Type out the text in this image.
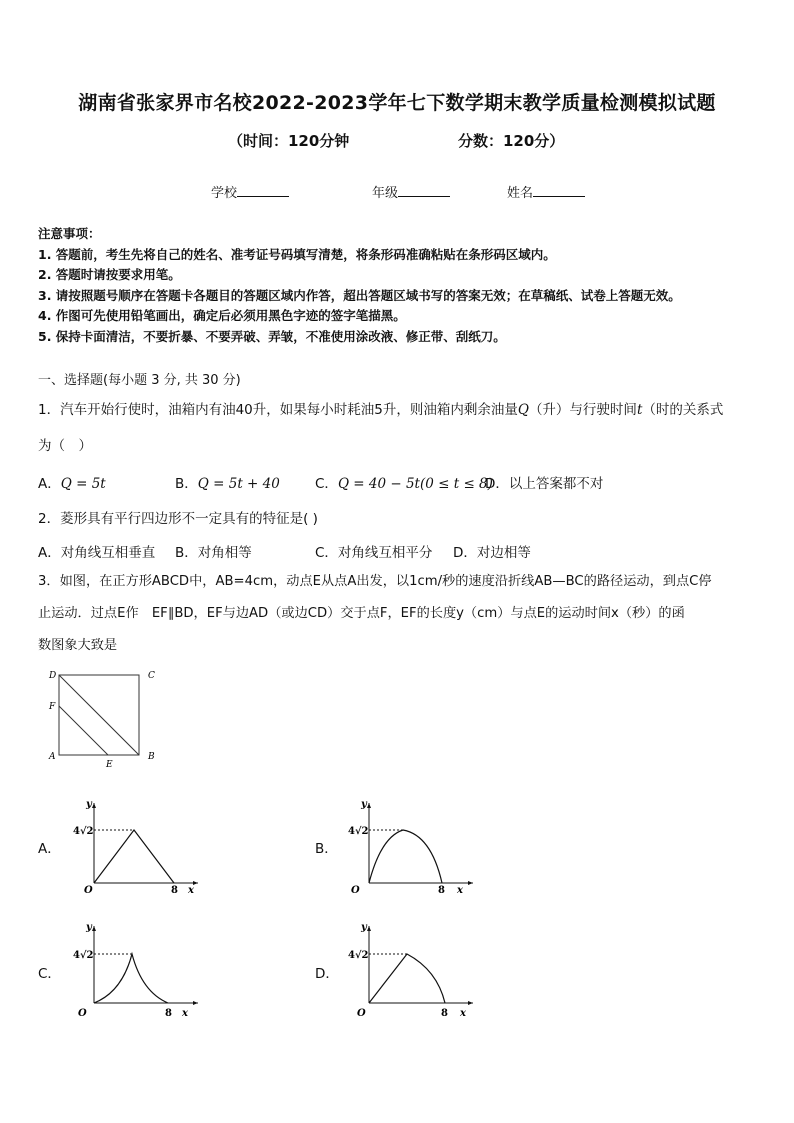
湖南省张家界市名校2022-2023学年七下数学期末教学质量检测模拟试题
（时间：120分钟	分数：120分）
学校	年级	姓名
注意事项：
1. 答题前，考生先将自己的姓名、准考证号码填写清楚，将条形码准确粘贴在条形码区域内。
2. 答题时请按要求用笔。
3. 请按照题号顺序在答题卡各题目的答题区域内作答，超出答题区域书写的答案无效；在草稿纸、试卷上答题无效。
4. 作图可先使用铅笔画出，确定后必须用黑色字迹的签字笔描黑。
5. 保持卡面清洁，不要折暴、不要弄破、弄皱，不准使用涂改液、修正带、刮纸刀。
一、选择题(每小题 3 分, 共 30 分)
1．汽车开始行使时，油箱内有油40升，如果每小时耗油5升，则油箱内剩余油量Q（升）与行驶时间t（时的关系式
为（　）
A．Q = 5t	B．Q = 5t + 40	C．Q = 40 − 5t(0 ≤ t ≤ 8)
D．以上答案都不对
2．菱形具有平行四边形不一定具有的特征是( )
A．对角线互相垂直 B．对角相等	C．对角线互相平分 D．对边相等
3．如图，在正方形ABCD中，AB=4cm，动点E从点A出发，以1cm/秒的速度沿折线AB—BC的路径运动，到点C停
止运动．过点E作　EF∥BD，EF与边AD（或边CD）交于点F，EF的长度y（cm）与点E的运动时间x（秒）的函
数图象大致是
D	C
F
A	B
E
A．
y
4√2
O	8 x
B．
y
4√2
O	8 x
C．
y
4√2
O	8 x
D．
y
4√2
O	8 x
